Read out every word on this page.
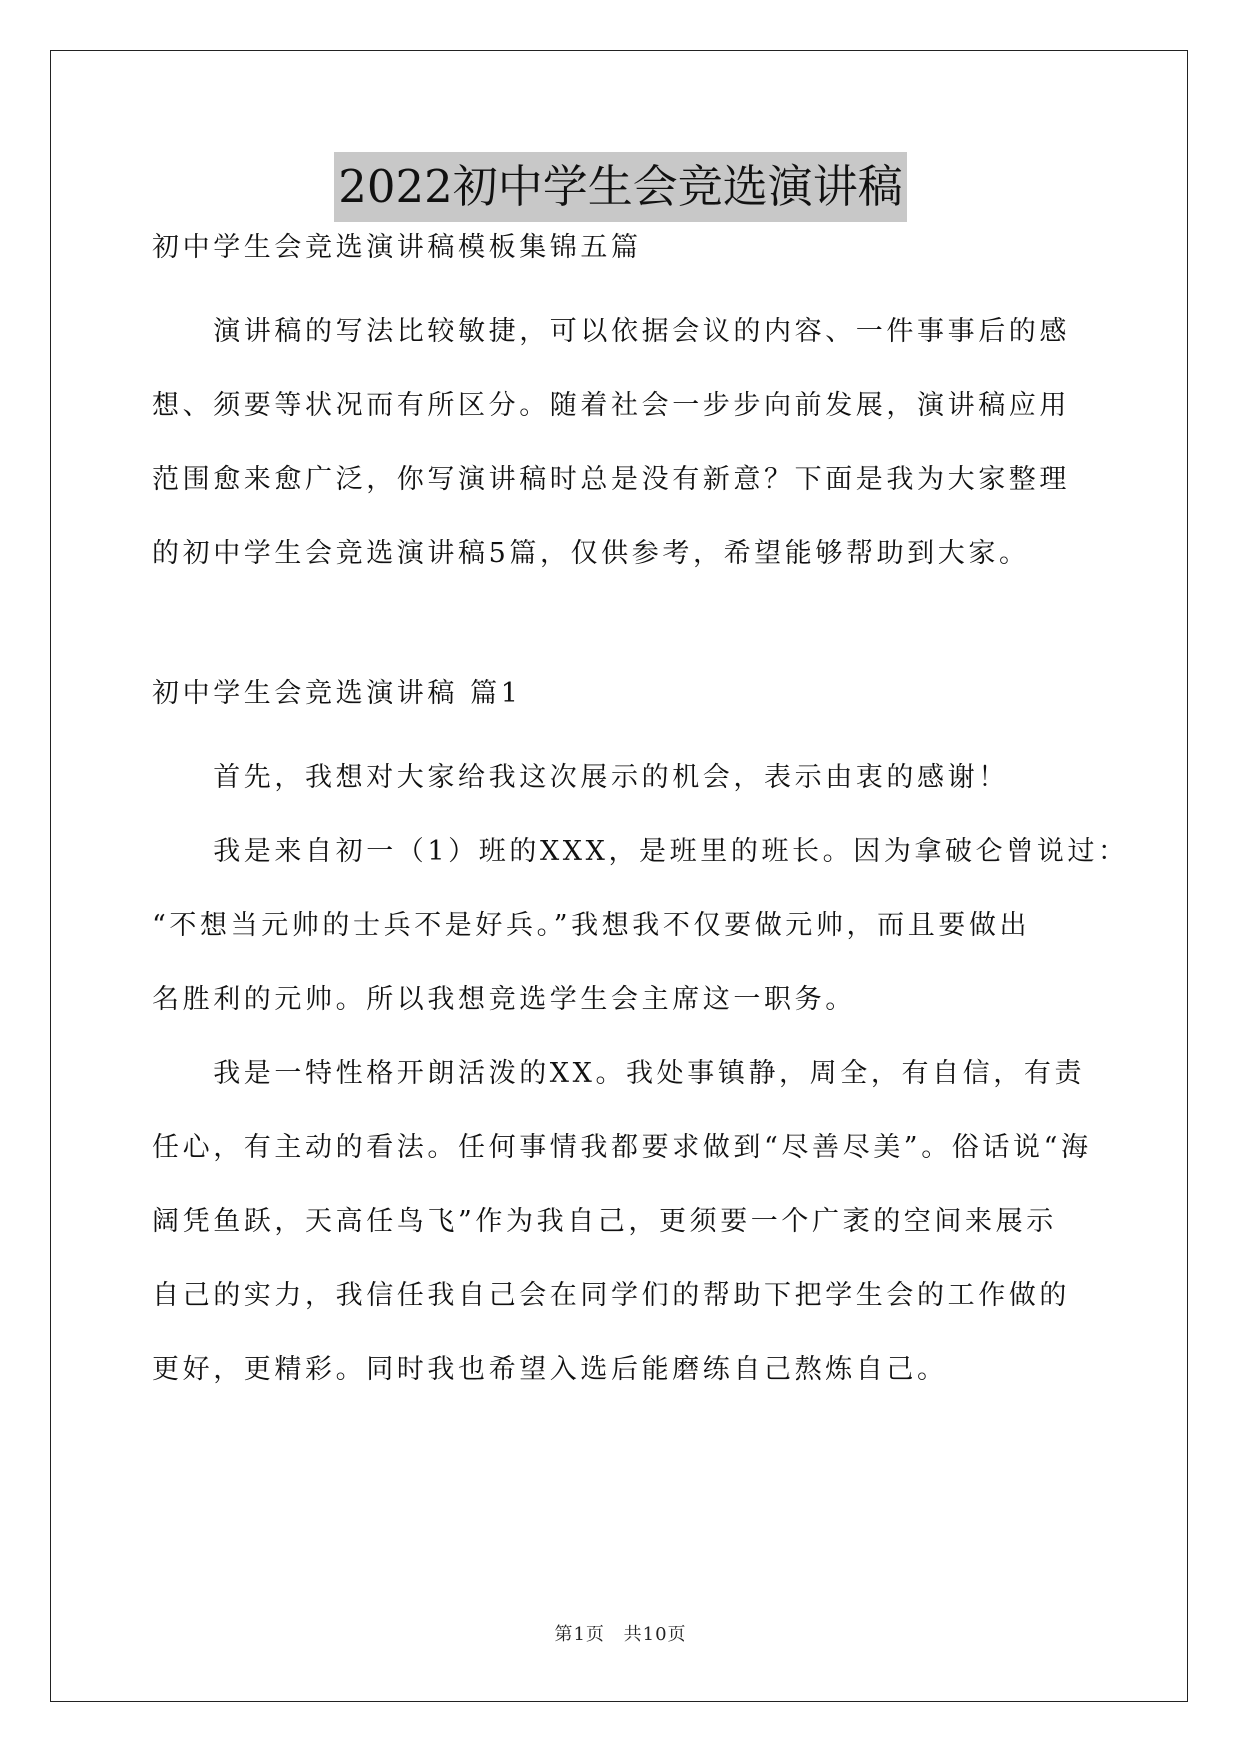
2022初中学生会竞选演讲稿
初中学生会竞选演讲稿模板集锦五篇
　　演讲稿的写法比较敏捷，可以依据会议的内容、一件事事后的感
想、须要等状况而有所区分。随着社会一步步向前发展，演讲稿应用
范围愈来愈广泛，你写演讲稿时总是没有新意？下面是我为大家整理
的初中学生会竞选演讲稿5篇，仅供参考，希望能够帮助到大家。
初中学生会竞选演讲稿 篇1
　　首先，我想对大家给我这次展示的机会，表示由衷的感谢！
　　我是来自初一（1）班的XXX，是班里的班长。因为拿破仑曾说过：
“不想当元帅的士兵不是好兵。”我想我不仅要做元帅，而且要做出
名胜利的元帅。所以我想竞选学生会主席这一职务。
　　我是一特性格开朗活泼的XX。我处事镇静，周全，有自信，有责
任心，有主动的看法。任何事情我都要求做到“尽善尽美”。俗话说“海
阔凭鱼跃，天高任鸟飞”作为我自己，更须要一个广袤的空间来展示
自己的实力，我信任我自己会在同学们的帮助下把学生会的工作做的
更好，更精彩。同时我也希望入选后能磨练自己熬炼自己。
第1页 共10页
